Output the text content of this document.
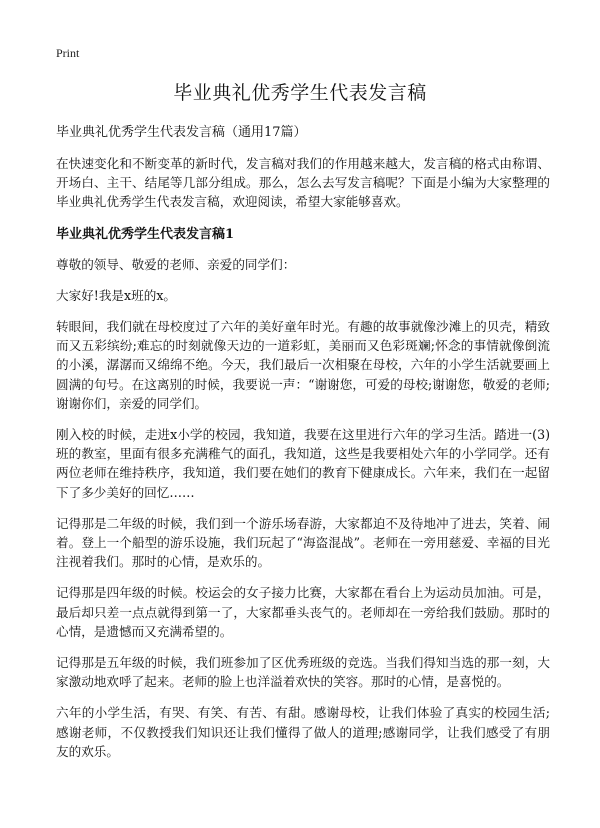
Print
毕业典礼优秀学生代表发言稿

毕业典礼优秀学生代表发言稿（通用17篇）

在快速变化和不断变革的新时代，发言稿对我们的作用越来越大，发言稿的格式由称谓、开场白、主干、结尾等几部分组成。那么，怎么去写发言稿呢？下面是小编为大家整理的毕业典礼优秀学生代表发言稿，欢迎阅读，希望大家能够喜欢。

毕业典礼优秀学生代表发言稿1

尊敬的领导、敬爱的老师、亲爱的同学们：

大家好!我是x班的x。

转眼间，我们就在母校度过了六年的美好童年时光。有趣的故事就像沙滩上的贝壳，精致而又五彩缤纷;难忘的时刻就像天边的一道彩虹，美丽而又色彩斑斓;怀念的事情就像倒流的小溪，潺潺而又绵绵不绝。今天，我们最后一次相聚在母校，六年的小学生活就要画上圆满的句号。在这离别的时候，我要说一声：“谢谢您，可爱的母校;谢谢您，敬爱的老师;谢谢你们，亲爱的同学们。

刚入校的时候，走进x小学的校园，我知道，我要在这里进行六年的学习生活。踏进一(3)班的教室，里面有很多充满稚气的面孔，我知道，这些是我要相处六年的小学同学。还有两位老师在维持秩序，我知道，我们要在她们的教育下健康成长。六年来，我们在一起留下了多少美好的回忆……

记得那是二年级的时候，我们到一个游乐场春游，大家都迫不及待地冲了进去，笑着、闹着。登上一个船型的游乐设施，我们玩起了“海盗混战”。老师在一旁用慈爱、幸福的目光注视着我们。那时的心情，是欢乐的。

记得那是四年级的时候。校运会的女子接力比赛，大家都在看台上为运动员加油。可是，最后却只差一点点就得到第一了，大家都垂头丧气的。老师却在一旁给我们鼓励。那时的心情，是遗憾而又充满希望的。

记得那是五年级的时候，我们班参加了区优秀班级的竞选。当我们得知当选的那一刻，大家激动地欢呼了起来。老师的脸上也洋溢着欢快的笑容。那时的心情，是喜悦的。

六年的小学生活，有哭、有笑、有苦、有甜。感谢母校，让我们体验了真实的校园生活;感谢老师，不仅教授我们知识还让我们懂得了做人的道理;感谢同学，让我们感受了有朋友的欢乐。
